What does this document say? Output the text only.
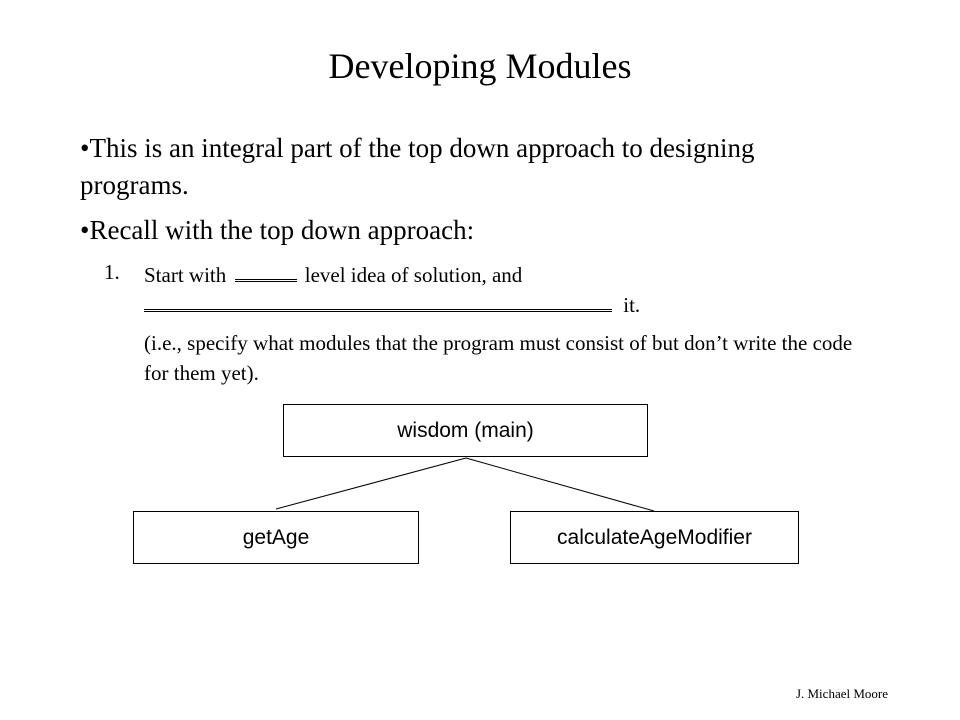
Developing Modules
•This is an integral part of the top down approach to designing programs.
•Recall with the top down approach:
1. Start with	level idea of solution, and
it.
(i.e., specify what modules that the program must consist of but don’t write the code for them yet).
wisdom (main)
getAge	calculateAgeModifier
J. Michael Moore
